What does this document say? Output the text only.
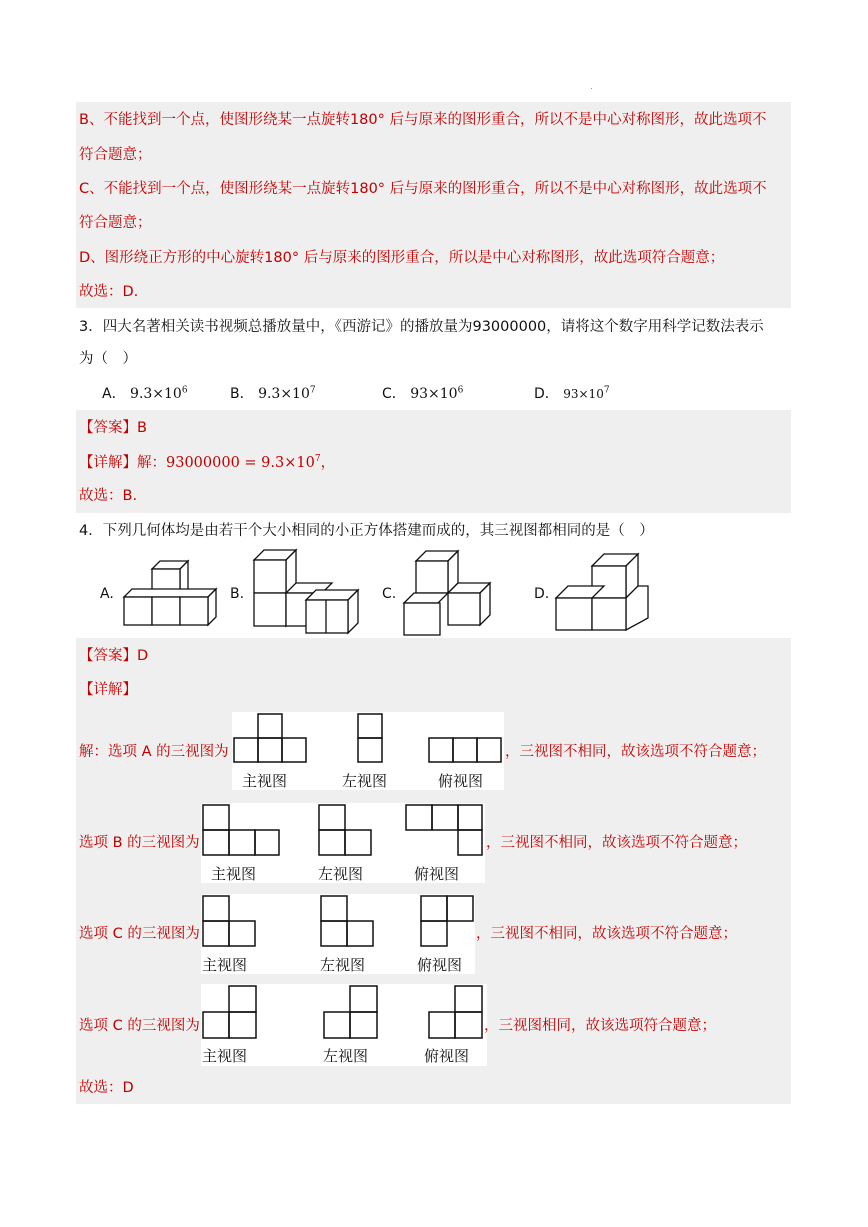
B、不能找到一个点，使图形绕某一点旋转180° 后与原来的图形重合，所以不是中心对称图形，故此选项不
符合题意；
C、不能找到一个点，使图形绕某一点旋转180° 后与原来的图形重合，所以不是中心对称图形，故此选项不
符合题意；
D、图形绕正方形的中心旋转180° 后与原来的图形重合，所以是中心对称图形，故此选项符合题意；
故选：D.
3．四大名著相关读书视频总播放量中，《西游记》的播放量为93000000，请将这个数字用科学记数法表示
为（　）
A． $9.3\times 10^6$	B． $9.3\times 10^7$	C． $93\times 10^6$	D． $93\times 10^7$
【答案】B
【详解】解：$93000000 = 9.3\times 10^7$，
故选：B.
4．下列几何体均是由若干个大小相同的小正方体搭建而成的，其三视图都相同的是（　）
A.	B.	C.	D.
【答案】D
【详解】
解：选项 A 的三视图为
主视图	左视图	俯视图
，三视图不相同，故该选项不符合题意；
选项 B 的三视图为
主视图	左视图	俯视图
，三视图不相同，故该选项不符合题意；
选项 C 的三视图为
主视图	左视图	俯视图
，三视图不相同，故该选项不符合题意；
选项 C 的三视图为
主视图	左视图	俯视图
，三视图相同，故该选项符合题意；
故选：D
